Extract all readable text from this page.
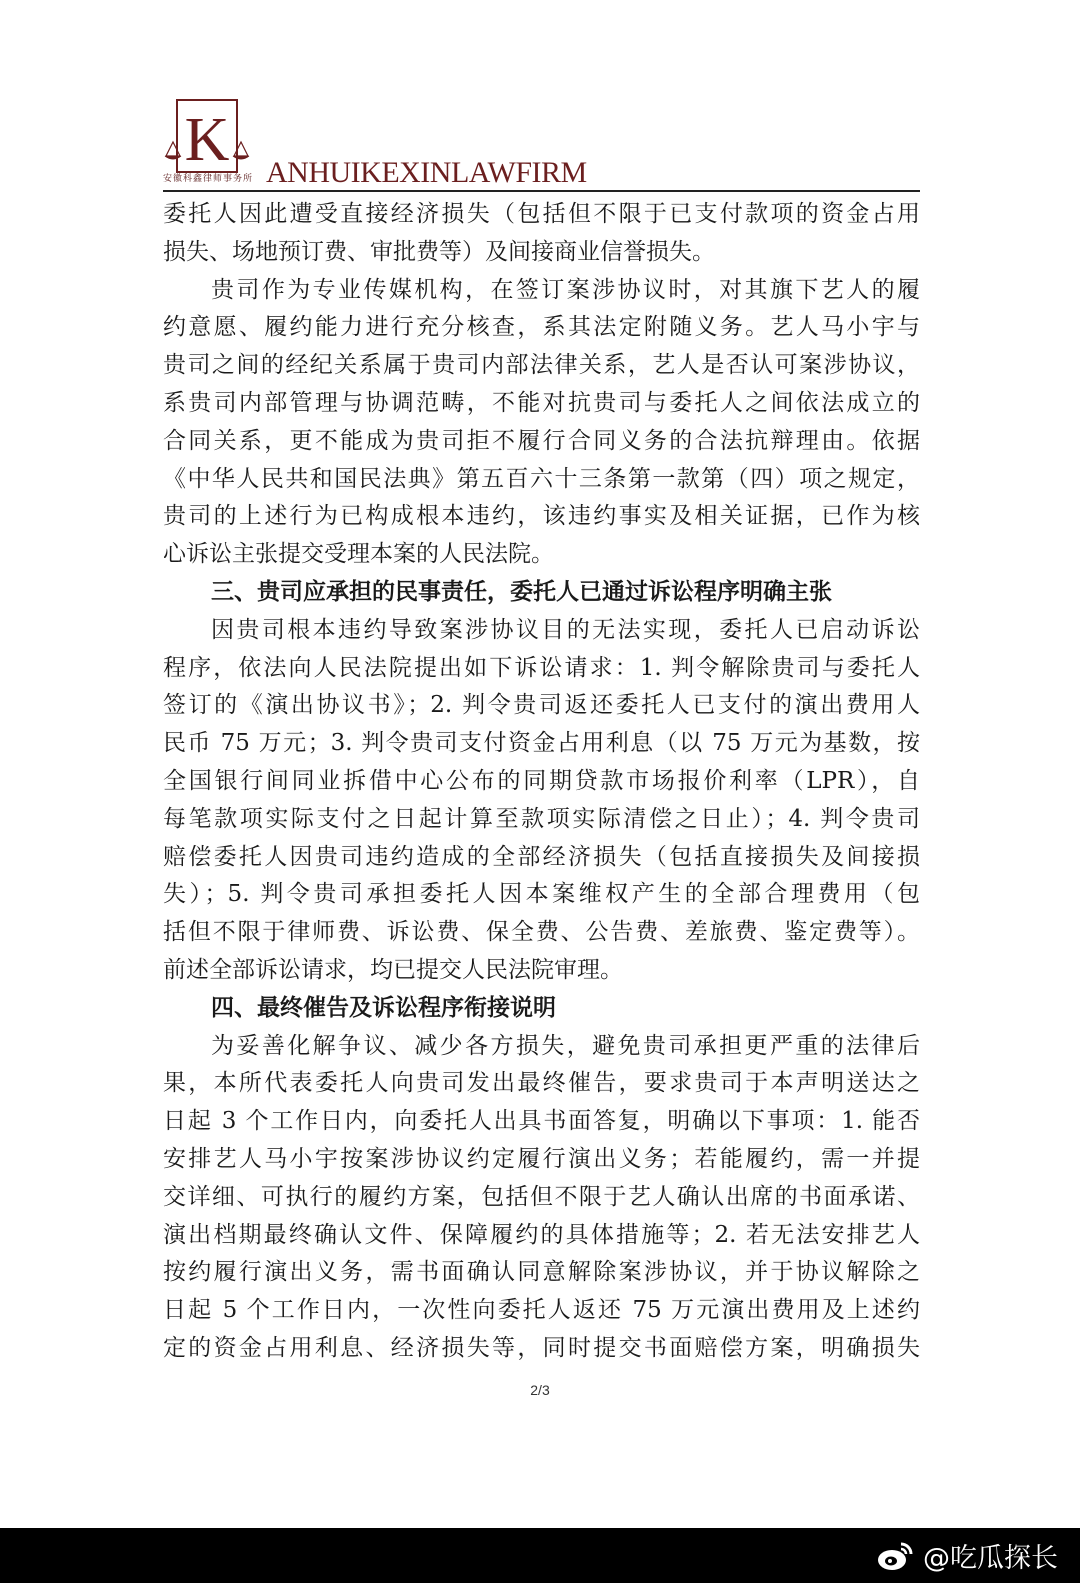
K
安徽科鑫律师事务所 ANHUIKEXINLAWFIRM
委托人因此遭受直接经济损失（包括但不限于已支付款项的资金占用
损失、场地预订费、审批费等）及间接商业信誉损失。
贵司作为专业传媒机构，在签订案涉协议时，对其旗下艺人的履
约意愿、履约能力进行充分核查，系其法定附随义务。艺人马小宇与
贵司之间的经纪关系属于贵司内部法律关系，艺人是否认可案涉协议，
系贵司内部管理与协调范畴，不能对抗贵司与委托人之间依法成立的
合同关系，更不能成为贵司拒不履行合同义务的合法抗辩理由。依据
《中华人民共和国民法典》第五百六十三条第一款第（四）项之规定，
贵司的上述行为已构成根本违约，该违约事实及相关证据，已作为核
心诉讼主张提交受理本案的人民法院。
三、贵司应承担的民事责任，委托人已通过诉讼程序明确主张
因贵司根本违约导致案涉协议目的无法实现，委托人已启动诉讼
程序，依法向人民法院提出如下诉讼请求：1. 判令解除贵司与委托人
签订的《演出协议书》；2. 判令贵司返还委托人已支付的演出费用人
民币 75 万元；3. 判令贵司支付资金占用利息（以 75 万元为基数，按
全国银行间同业拆借中心公布的同期贷款市场报价利率（LPR），自
每笔款项实际支付之日起计算至款项实际清偿之日止）；4. 判令贵司
赔偿委托人因贵司违约造成的全部经济损失（包括直接损失及间接损
失）；5. 判令贵司承担委托人因本案维权产生的全部合理费用（包
括但不限于律师费、诉讼费、保全费、公告费、差旅费、鉴定费等）。
前述全部诉讼请求，均已提交人民法院审理。
四、最终催告及诉讼程序衔接说明
为妥善化解争议、减少各方损失，避免贵司承担更严重的法律后
果，本所代表委托人向贵司发出最终催告，要求贵司于本声明送达之
日起 3 个工作日内，向委托人出具书面答复，明确以下事项：1. 能否
安排艺人马小宇按案涉协议约定履行演出义务；若能履约，需一并提
交详细、可执行的履约方案，包括但不限于艺人确认出席的书面承诺、
演出档期最终确认文件、保障履约的具体措施等；2. 若无法安排艺人
按约履行演出义务，需书面确认同意解除案涉协议，并于协议解除之
日起 5 个工作日内，一次性向委托人返还 75 万元演出费用及上述约
定的资金占用利息、经济损失等，同时提交书面赔偿方案，明确损失
2/3
@吃瓜探长
